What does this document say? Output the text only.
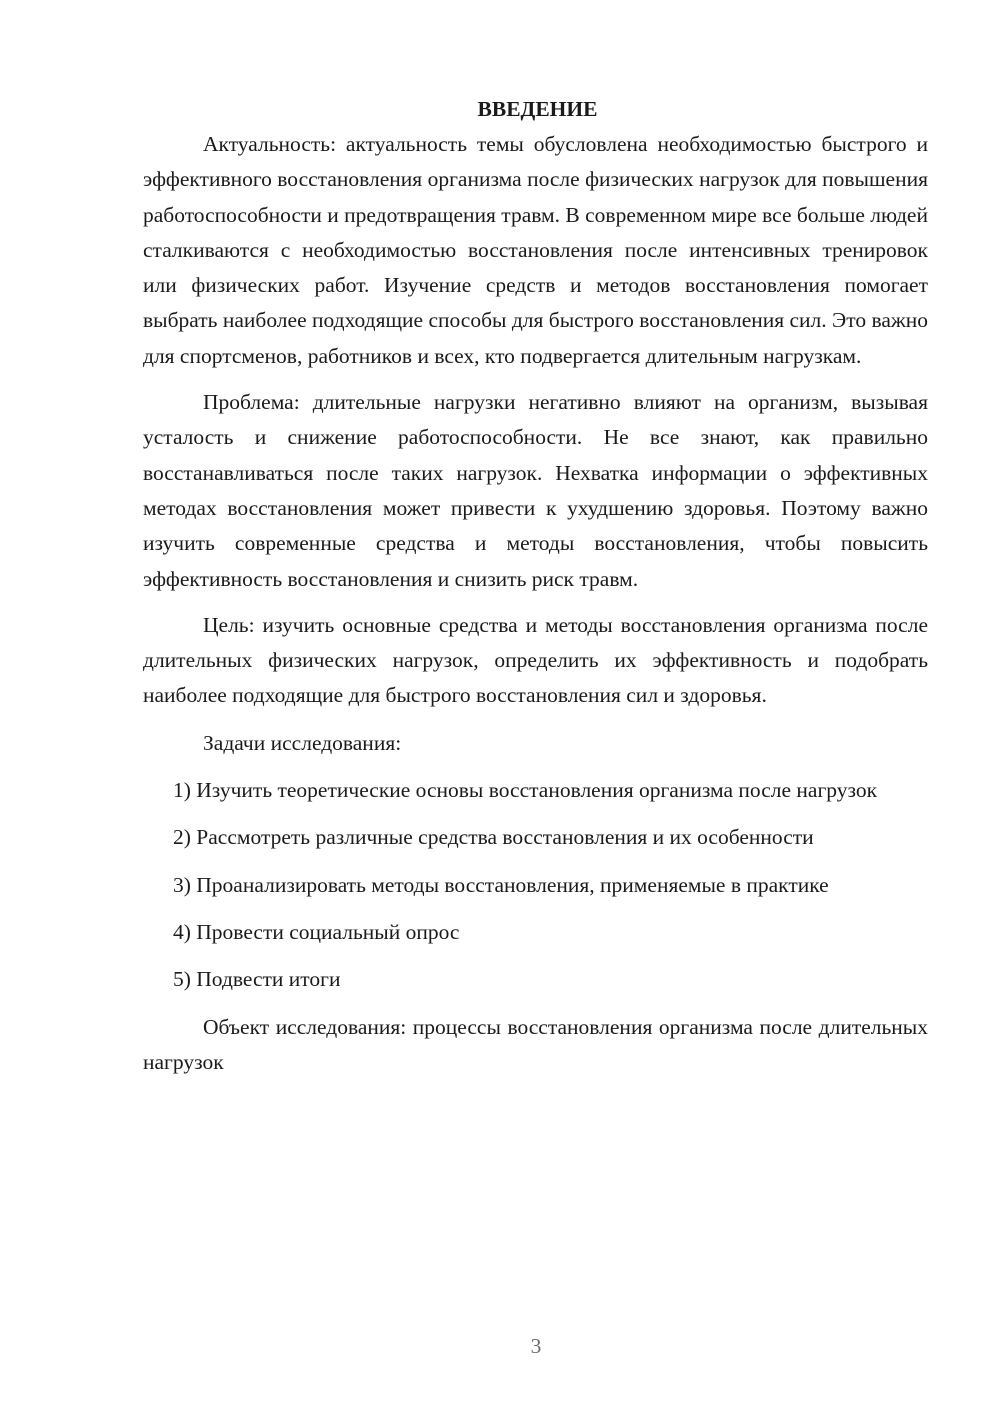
ВВЕДЕНИЕ

Актуальность: актуальность темы обусловлена необходимостью быстрого и эффективного восстановления организма после физических нагрузок для повышения работоспособности и предотвращения травм. В современном мире все больше людей сталкиваются с необходимостью восстановления после интенсивных тренировок или физических работ. Изучение средств и методов восстановления помогает выбрать наиболее подходящие способы для быстрого восстановления сил. Это важно для спортсменов, работников и всех, кто подвергается длительным нагрузкам.

Проблема: длительные нагрузки негативно влияют на организм, вызывая усталость и снижение работоспособности. Не все знают, как правильно восстанавливаться после таких нагрузок. Нехватка информации о эффективных методах восстановления может привести к ухудшению здоровья. Поэтому важно изучить современные средства и методы восстановления, чтобы повысить эффективность восстановления и снизить риск травм.

Цель: изучить основные средства и методы восстановления организма после длительных физических нагрузок, определить их эффективность и подобрать наиболее подходящие для быстрого восстановления сил и здоровья.

Задачи исследования:

1) Изучить теоретические основы восстановления организма после нагрузок

2) Рассмотреть различные средства восстановления и их особенности

3) Проанализировать методы восстановления, применяемые в практике

4) Провести социальный опрос

5) Подвести итоги

Объект исследования: процессы восстановления организма после длительных нагрузок

3
